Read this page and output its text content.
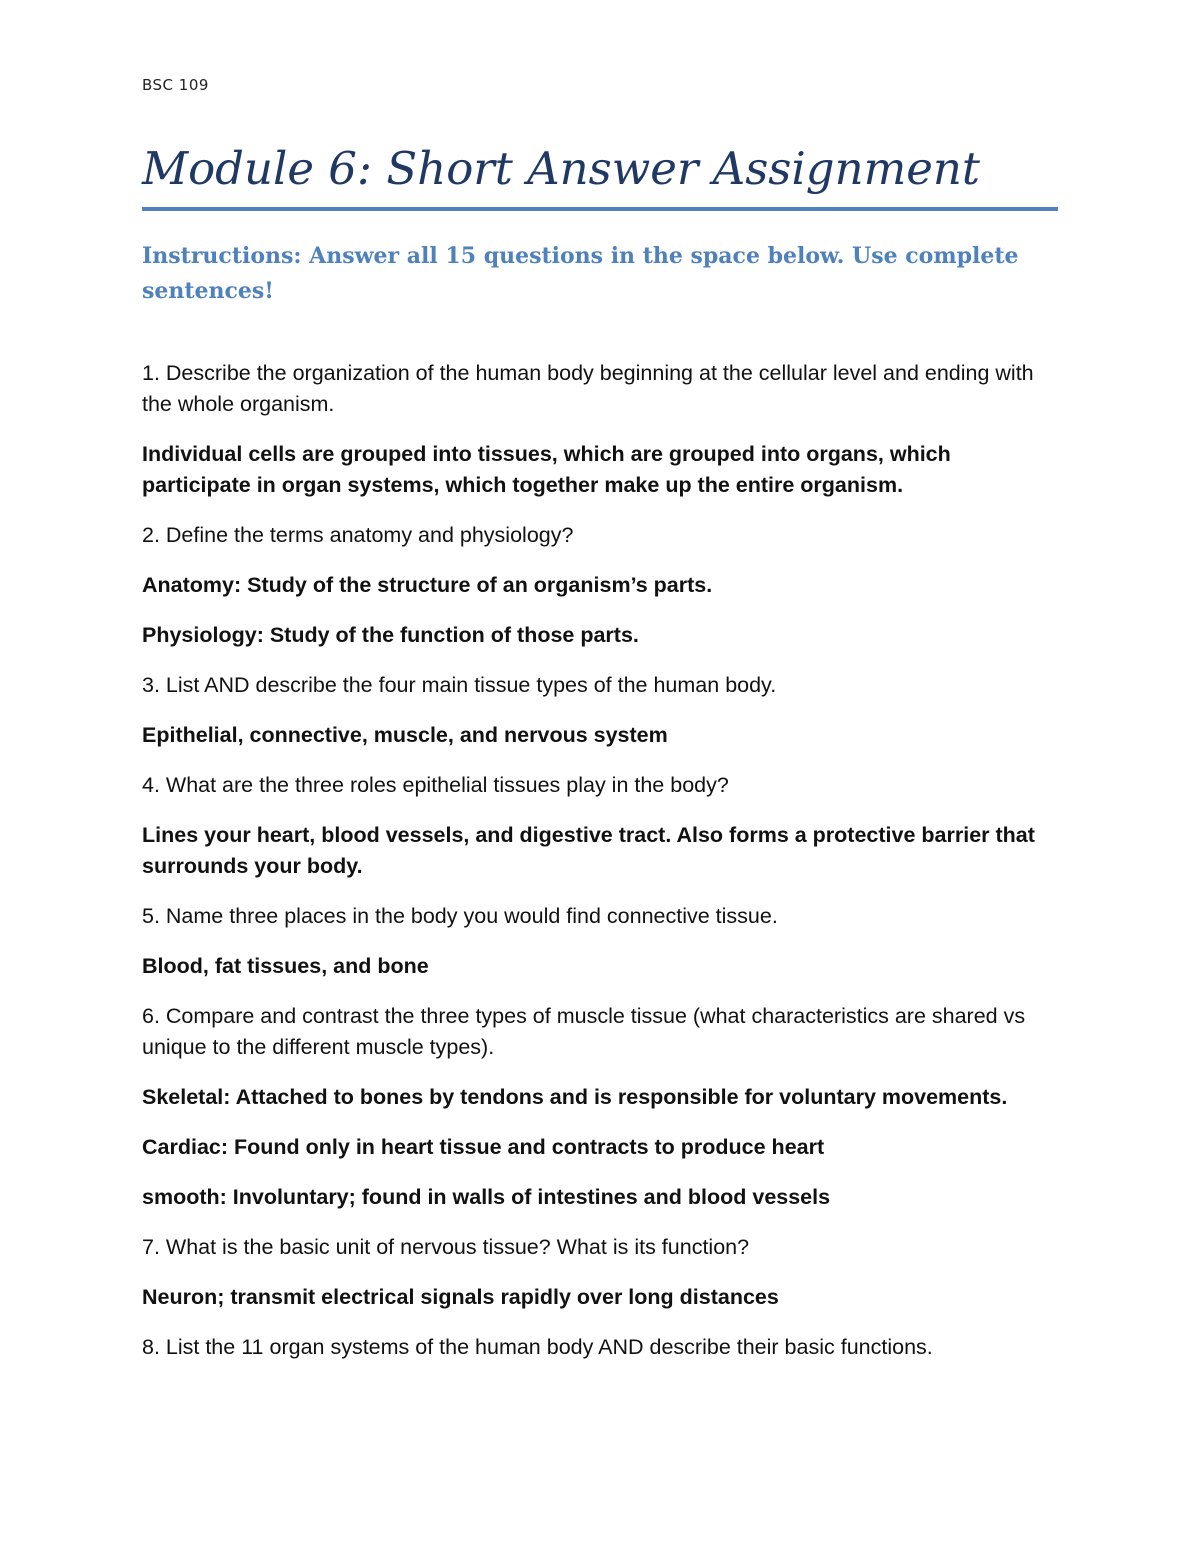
BSC 109
Module 6: Short Answer Assignment

Instructions: Answer all 15 questions in the space below. Use complete sentences!

1. Describe the organization of the human body beginning at the cellular level and ending with the whole organism.

Individual cells are grouped into tissues, which are grouped into organs, which participate in organ systems, which together make up the entire organism.

2. Define the terms anatomy and physiology?

Anatomy: Study of the structure of an organism’s parts.

Physiology: Study of the function of those parts.

3. List AND describe the four main tissue types of the human body.

Epithelial, connective, muscle, and nervous system

4. What are the three roles epithelial tissues play in the body?

Lines your heart, blood vessels, and digestive tract. Also forms a protective barrier that surrounds your body.

5. Name three places in the body you would find connective tissue.

Blood, fat tissues, and bone

6. Compare and contrast the three types of muscle tissue (what characteristics are shared vs unique to the different muscle types).

Skeletal: Attached to bones by tendons and is responsible for voluntary movements.

Cardiac: Found only in heart tissue and contracts to produce heart

smooth: Involuntary; found in walls of intestines and blood vessels

7. What is the basic unit of nervous tissue? What is its function?

Neuron; transmit electrical signals rapidly over long distances

8. List the 11 organ systems of the human body AND describe their basic functions.
